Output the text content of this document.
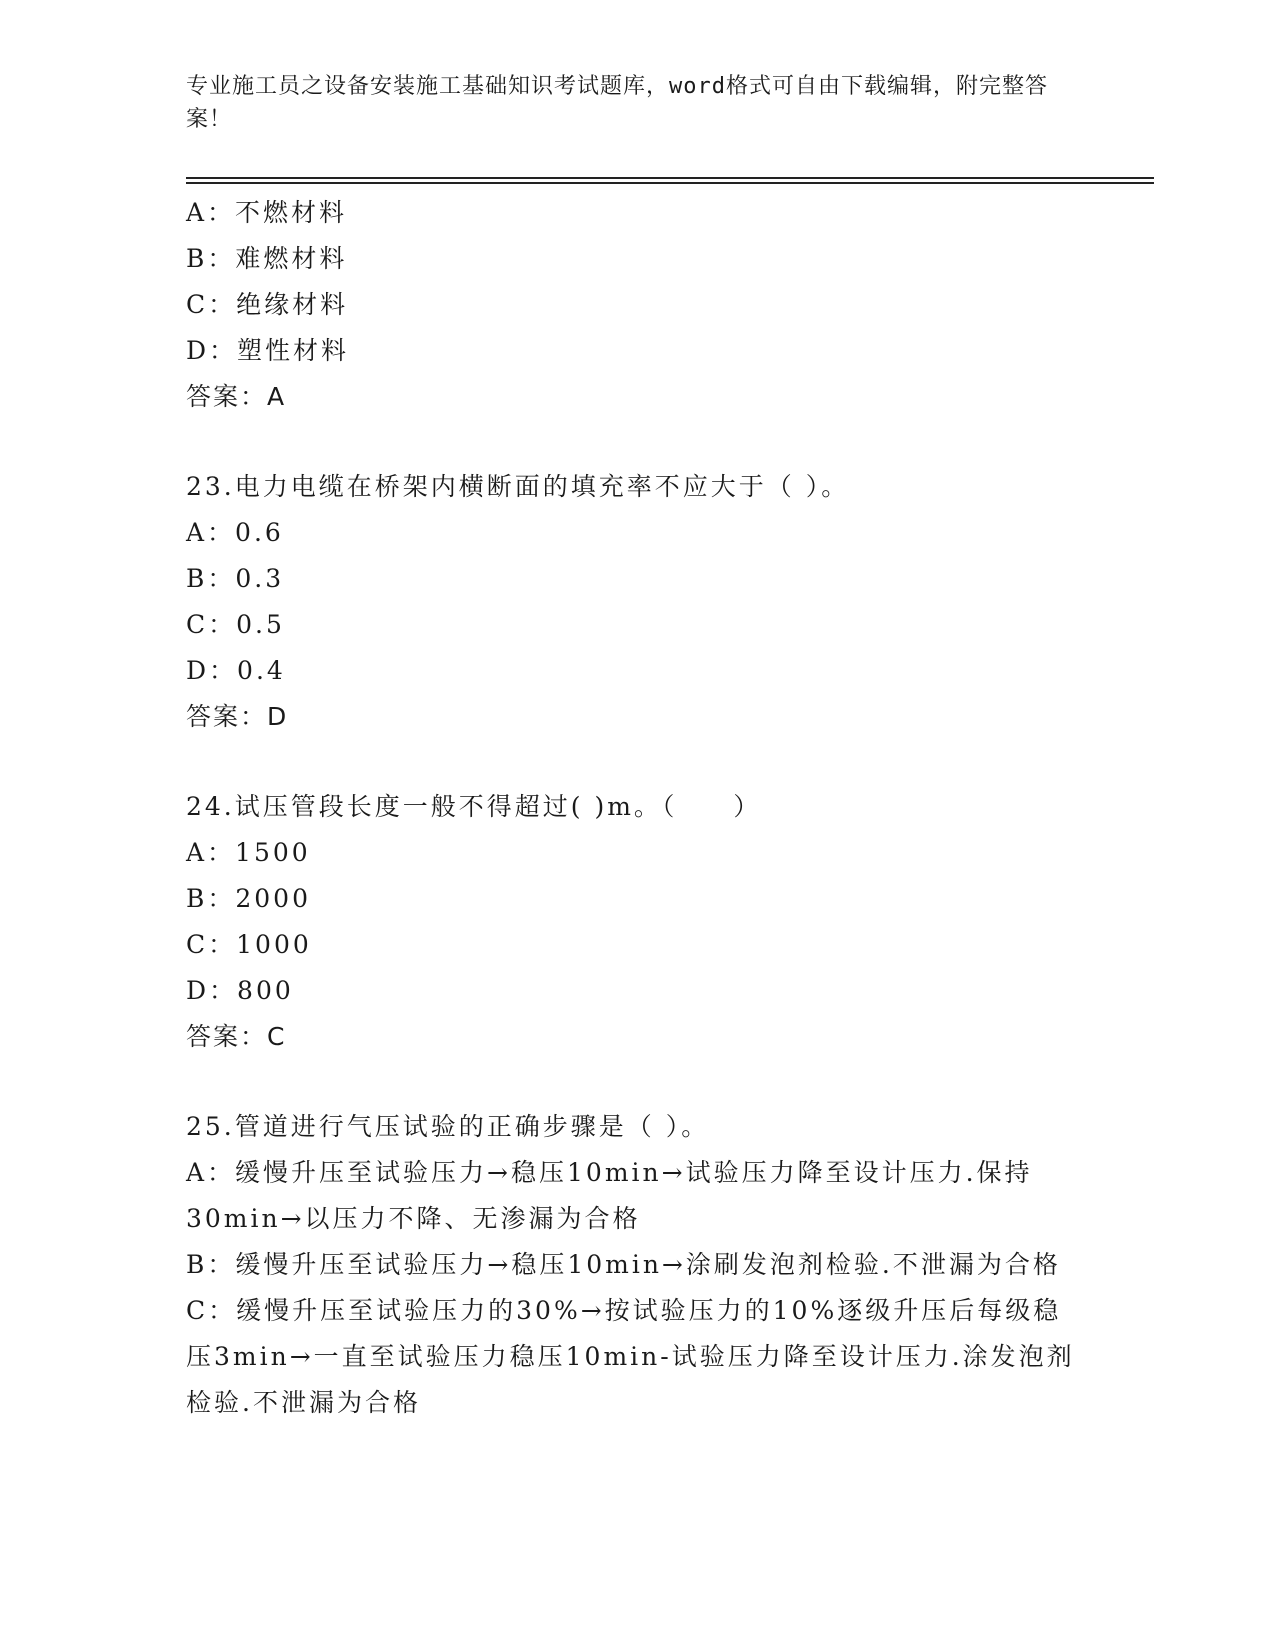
专业施工员之设备安装施工基础知识考试题库，word格式可自由下载编辑，附完整答案！
A：不燃材料
B：难燃材料
C：绝缘材料
D：塑性材料
答案：A
23.电力电缆在桥架内横断面的填充率不应大于（ ）。
A：0.6
B：0.3
C：0.5
D：0.4
答案：D
24.试压管段长度一般不得超过( )m。（　　）
A：1500
B：2000
C：1000
D：800
答案：C
25.管道进行气压试验的正确步骤是（ ）。
A：缓慢升压至试验压力→稳压10min→试验压力降至设计压力.保持30min→以压力不降、无渗漏为合格
B：缓慢升压至试验压力→稳压10min→涂刷发泡剂检验.不泄漏为合格
C：缓慢升压至试验压力的30%→按试验压力的10%逐级升压后每级稳压3min→一直至试验压力稳压10min-试验压力降至设计压力.涂发泡剂检验.不泄漏为合格
